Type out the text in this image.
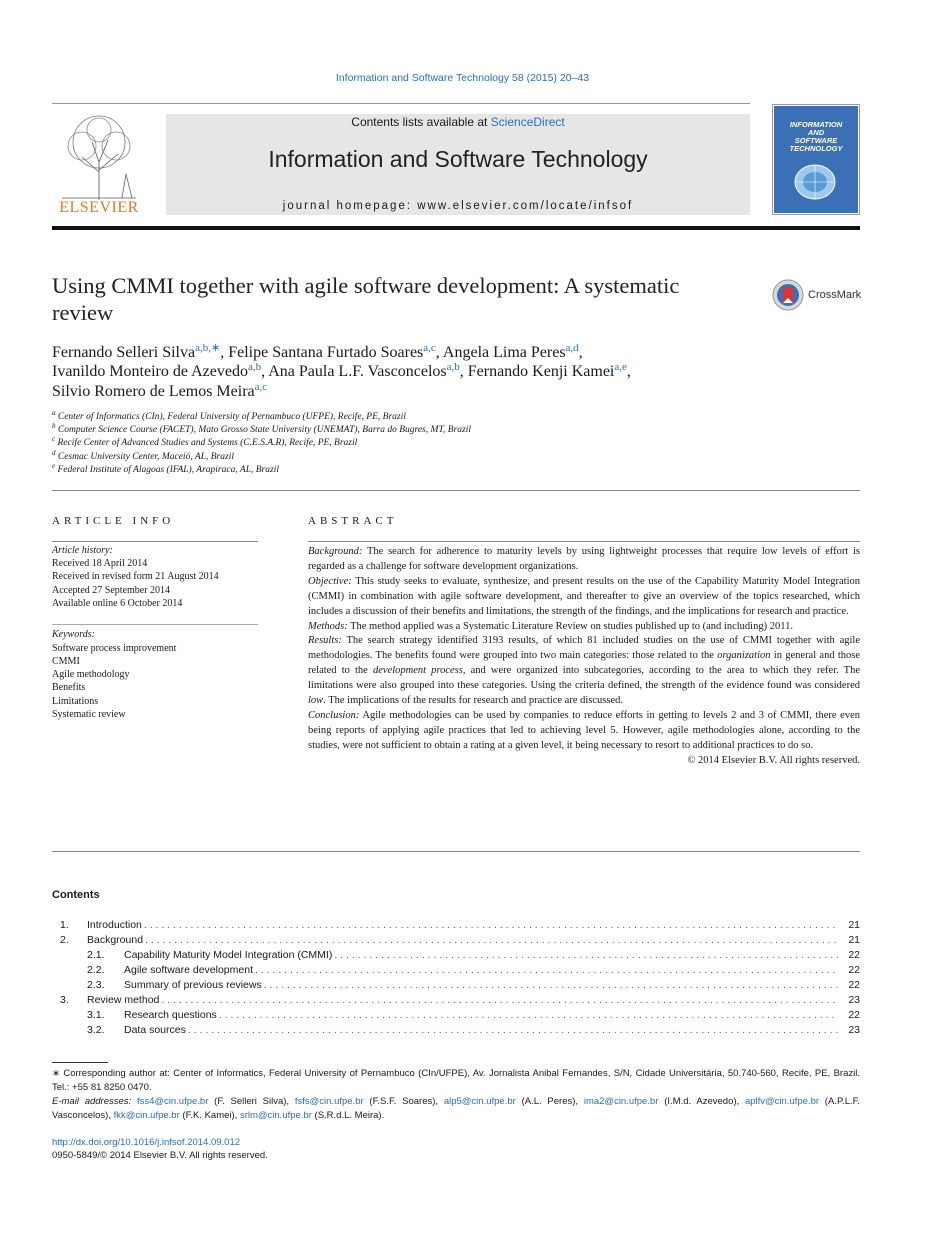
Information and Software Technology 58 (2015) 20–43
ELSEVIER
Contents lists available at ScienceDirect
Information and Software Technology
journal homepage: www.elsevier.com/locate/infsof
INFORMATION
AND
SOFTWARE
TECHNOLOGY
Using CMMI together with agile software development: A systematic
review
CrossMark
Fernando Selleri Silva$^{a,b,∗}$, Felipe Santana Furtado Soares$^{a,c}$, Angela Lima Peres$^{a,d}$,
Ivanildo Monteiro de Azevedo$^{a,b}$, Ana Paula L.F. Vasconcelos$^{a,b}$, Fernando Kenji Kamei$^{a,e}$,
Silvio Romero de Lemos Meira$^{a,c}$
$^a$ Center of Informatics (CIn), Federal University of Pernambuco (UFPE), Recife, PE, Brazil
$^b$ Computer Science Course (FACET), Mato Grosso State University (UNEMAT), Barra do Bugres, MT, Brazil
$^c$ Recife Center of Advanced Studies and Systems (C.E.S.A.R), Recife, PE, Brazil
$^d$ Cesmac University Center, Maceió, AL, Brazil
$^e$ Federal Institute of Alagoas (IFAL), Arapiraca, AL, Brazil
ARTICLE INFO
Article history:
Received 18 April 2014
Received in revised form 21 August 2014
Accepted 27 September 2014
Available online 6 October 2014
Keywords:
Software process improvement
CMMI
Agile methodology
Benefits
Limitations
Systematic review
ABSTRACT

Background: The search for adherence to maturity levels by using lightweight processes that require low levels of effort is regarded as a challenge for software development organizations.

Objective: This study seeks to evaluate, synthesize, and present results on the use of the Capability Maturity Model Integration (CMMI) in combination with agile software development, and thereafter to give an overview of the topics researched, which includes a discussion of their benefits and limitations, the strength of the findings, and the implications for research and practice.

Methods: The method applied was a Systematic Literature Review on studies published up to (and including) 2011.

Results: The search strategy identified 3193 results, of which 81 included studies on the use of CMMI together with agile methodologies. The benefits found were grouped into two main categories: those related to the organization in general and those related to the development process, and were organized into subcategories, according to the area to which they refer. The limitations were also grouped into these categories. Using the criteria defined, the strength of the evidence found was considered low. The implications of the results for research and practice are discussed.

Conclusion: Agile methodologies can be used by companies to reduce efforts in getting to levels 2 and 3 of CMMI, there even being reports of applying agile practices that led to achieving level 5. However, agile methodologies alone, according to the studies, were not sufficient to obtain a rating at a given level, it being necessary to resort to additional practices to do so.

© 2014 Elsevier B.V. All rights reserved.

Contents
1.	Introduction . . .	21
2.	Background . . .	21
2.1.	Capability Maturity Model Integration (CMMI) . . .	22
2.2.	Agile software development . . .	22
2.3.	Summary of previous reviews . . .	22
3.	Review method . . .	23
3.1.	Research questions . . .	22
3.2.	Data sources . . .	23
∗ Corresponding author at: Center of Informatics, Federal University of Pernambuco (CIn/UFPE), Av. Jornalista Anibal Fernandes, S/N, Cidade Universitária, 50.740-560, Recife, PE, Brazil. Tel.: +55 81 8250 0470.
E-mail addresses: fss4@cin.ufpe.br (F. Selleri Silva), fsfs@cin.ufpe.br (F.S.F. Soares), alp5@cin.ufpe.br (A.L. Peres), ima2@cin.ufpe.br (I.M.d. Azevedo), aplfv@cin.ufpe.br (A.P.L.F. Vasconcelos), fkk@cin.ufpe.br (F.K. Kamei), srlm@cin.ufpe.br (S.R.d.L. Meira).
http://dx.doi.org/10.1016/j.infsof.2014.09.012
0950-5849/© 2014 Elsevier B.V. All rights reserved.
